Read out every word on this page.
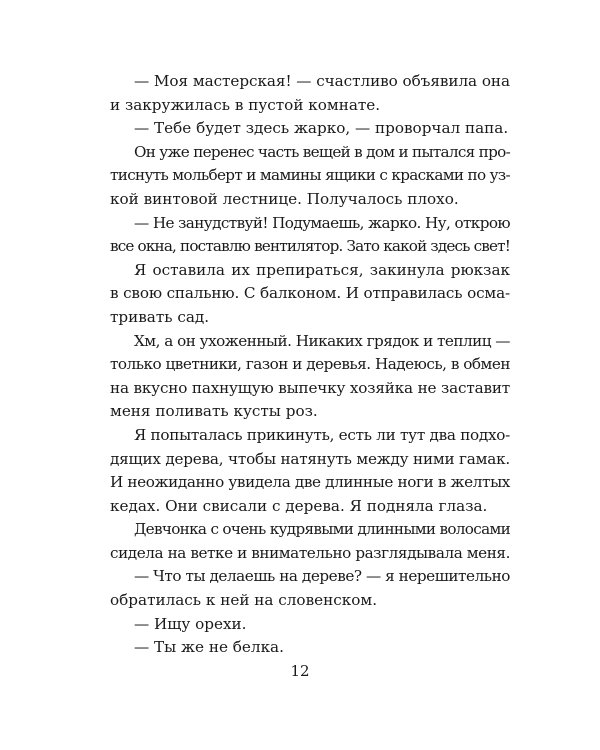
— Моя мастерская! — счастливо объявила она
и закружилась в пустой комнате.
— Тебе будет здесь жарко, — проворчал папа.
Он уже перенес часть вещей в дом и пытался про-
тиснуть мольберт и мамины ящики с красками по уз-
кой винтовой лестнице. Получалось плохо.
— Не занудствуй! Подумаешь, жарко. Ну, открою
все окна, поставлю вентилятор. Зато какой здесь свет!
Я оставила их препираться, закинула рюкзак
в свою спальню. С балконом. И отправилась осма-
тривать сад.
Хм, а он ухоженный. Никаких грядок и теплиц —
только цветники, газон и деревья. Надеюсь, в обмен
на вкусно пахнущую выпечку хозяйка не заставит
меня поливать кусты роз.
Я попыталась прикинуть, есть ли тут два подхо-
дящих дерева, чтобы натянуть между ними гамак.
И неожиданно увидела две длинные ноги в желтых
кедах. Они свисали с дерева. Я подняла глаза.
Девчонка с очень кудрявыми длинными волосами
сидела на ветке и внимательно разглядывала меня.
— Что ты делаешь на дереве? — я нерешительно
обратилась к ней на словенском.
— Ищу орехи.
— Ты же не белка.
12
